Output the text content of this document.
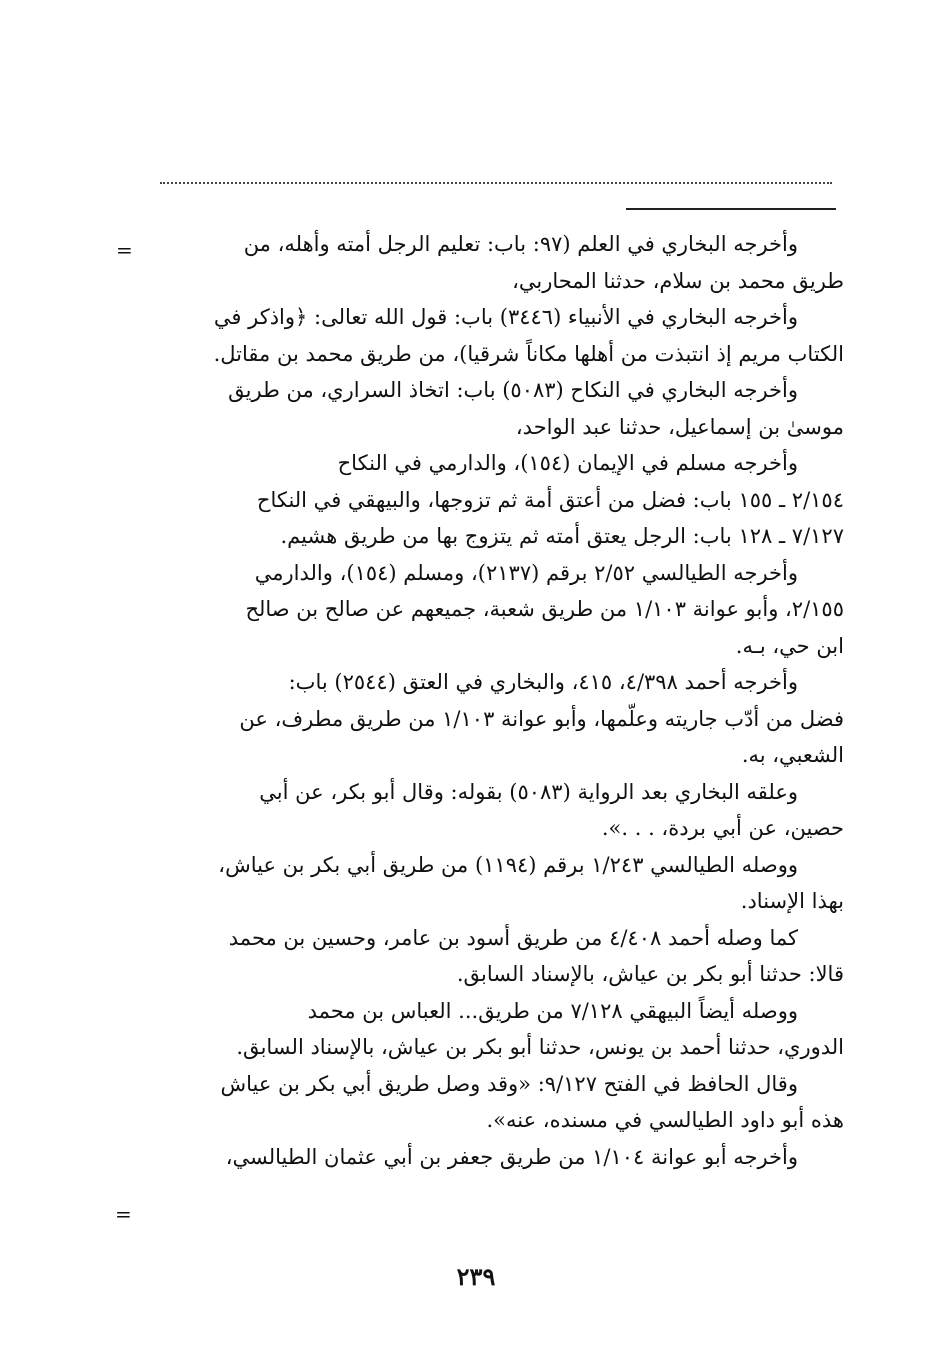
=
=
وأخرجه البخاري في العلم (٩٧: باب: تعليم الرجل أمته وأهله، من
طريق محمد بن سلام، حدثنا المحاربي،
وأخرجه البخاري في الأنبياء (٣٤٤٦) باب: قول الله تعالى: ﴿واذكر في
الكتاب مريم إذ انتبذت من أهلها مكاناً شرقيا)، من طريق محمد بن مقاتل.
وأخرجه البخاري في النكاح (٥٠٨٣) باب: اتخاذ السراري، من طريق
موسىٰ بن إسماعيل، حدثنا عبد الواحد،
وأخرجه مسلم في الإيمان (١٥٤)، والدارمي في النكاح
٢/١٥٤ ـ ١٥٥ باب: فضل من أعتق أمة ثم تزوجها، والبيهقي في النكاح
٧/١٢٧ ـ ١٢٨ باب: الرجل يعتق أمته ثم يتزوج بها من طريق هشيم.
وأخرجه الطيالسي ٢/٥٢ برقم (٢١٣٧)، ومسلم (١٥٤)، والدارمي
٢/١٥٥، وأبو عوانة ١/١٠٣ من طريق شعبة، جميعهم عن صالح بن صالح
ابن حي، بـه.
وأخرجه أحمد ٤/٣٩٨، ٤١٥، والبخاري في العتق (٢٥٤٤) باب:
فضل من أدّب جاريته وعلّمها، وأبو عوانة ١/١٠٣ من طريق مطرف، عن
الشعبي، به.
وعلقه البخاري بعد الرواية (٥٠٨٣) بقوله: وقال أبو بكر، عن أبي
حصين، عن أبي بردة، . . .».
ووصله الطيالسي ١/٢٤٣ برقم (١١٩٤) من طريق أبي بكر بن عياش،
بهذا الإسناد.
كما وصله أحمد ٤/٤٠٨ من طريق أسود بن عامر، وحسين بن محمد
قالا: حدثنا أبو بكر بن عياش، بالإسناد السابق.
ووصله أيضاً البيهقي ٧/١٢٨ من طريق... العباس بن محمد
الدوري، حدثنا أحمد بن يونس، حدثنا أبو بكر بن عياش، بالإسناد السابق.
وقال الحافظ في الفتح ٩/١٢٧: «وقد وصل طريق أبي بكر بن عياش
هذه أبو داود الطيالسي في مسنده، عنه».
وأخرجه أبو عوانة ١/١٠٤ من طريق جعفر بن أبي عثمان الطيالسي،
٢٣٩
